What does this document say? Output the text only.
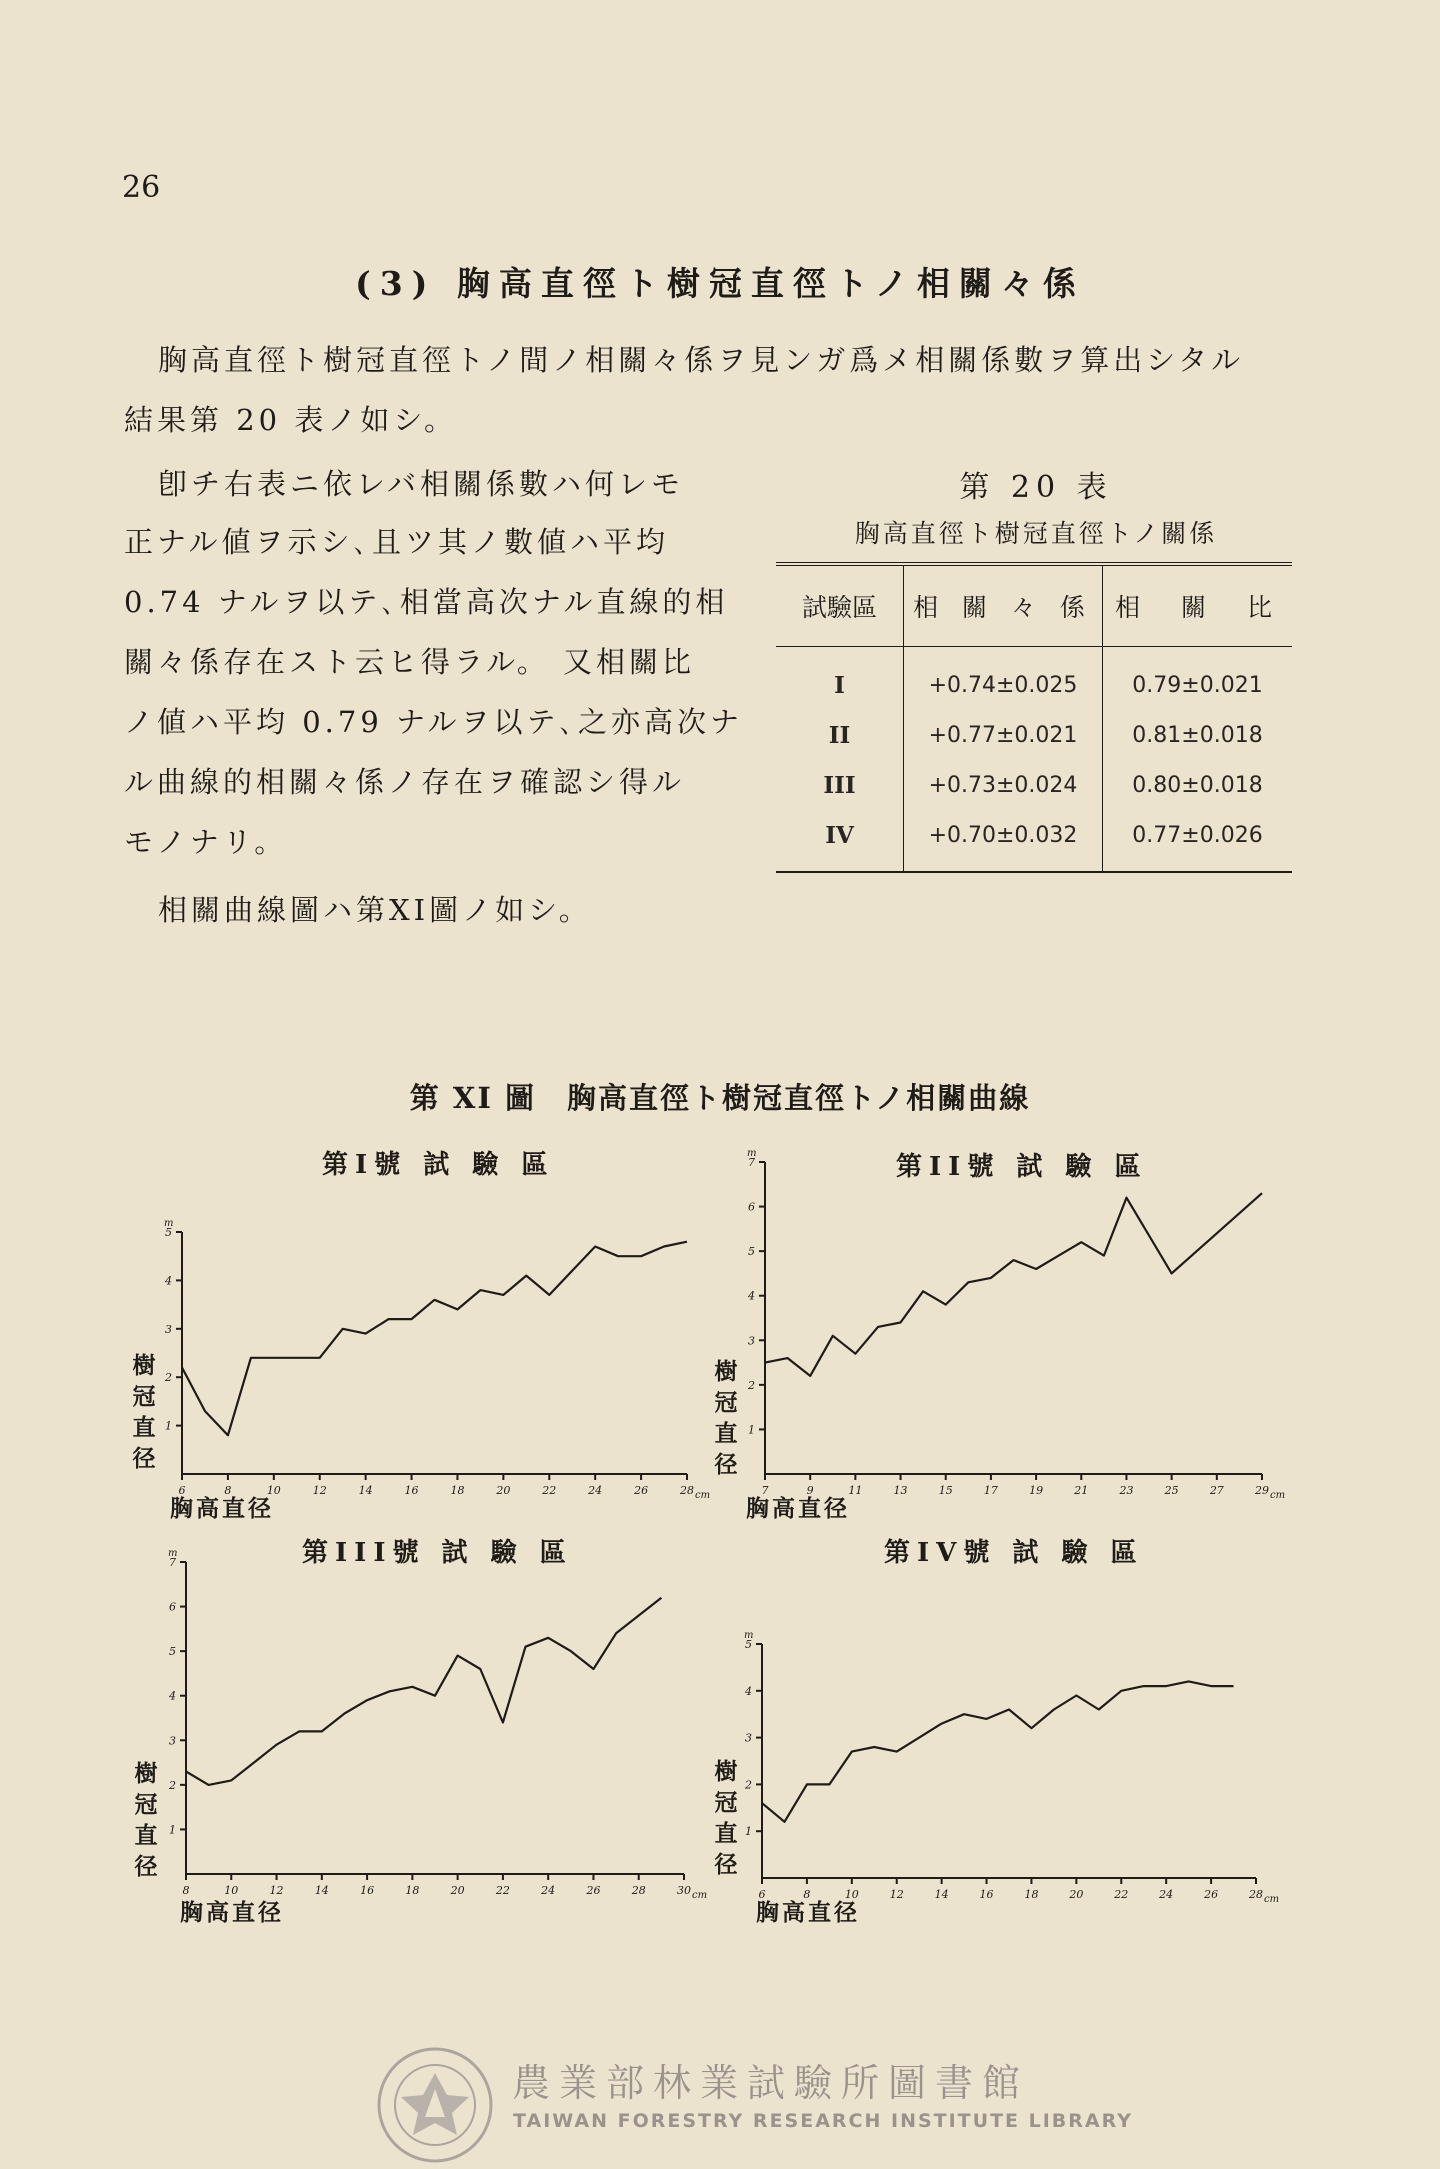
26
(3) 胸高直徑ト樹冠直徑トノ相關々係
胸高直徑ト樹冠直徑トノ間ノ相關々係ヲ見ンガ爲メ相關係數ヲ算出シタル
結果第 20 表ノ如シ。
卽チ右表ニ依レバ相關係數ハ何レモ
正ナル値ヲ示シ､且ツ其ノ數値ハ平均
0.74 ナルヲ以テ､相當高次ナル直線的相
關々係存在スト云ヒ得ラル。 又相關比
ノ値ハ平均 0.79 ナルヲ以テ､之亦高次ナ
ル曲線的相關々係ノ存在ヲ確認シ得ル
モノナリ。
相關曲線圖ハ第XI圖ノ如シ。
第 20 表
胸高直徑ト樹冠直徑トノ關係
試驗區	相 關 々 係	相　關　比
I	+0.74±0.025	0.79±0.021
II	+0.77±0.021	0.81±0.018
III	+0.73±0.024	0.80±0.018
IV	+0.70±0.032	0.77±0.026
第 XI 圖　胸高直徑ト樹冠直徑トノ相關曲線
第I號 試 驗 區
6	8	10	12	14	16	18	20	22	24	26	28 cm
1
2
3
4
5
m
樹冠直径
胸高直径
第II號 試 驗 區
7	9	11	13	15	17	19	21	23	25	27	29 cm
1
2
3
4
5
6
7
m
樹冠直径
胸高直径
第III號 試 驗 區
8	10	12	14	16	18	20	22	24	26	28	30 cm
1
2
3
4
5
6
7
m
樹冠直径
胸高直径
第IV號 試 驗 區
6	8	10	12	14	16	18	20	22	24	26	28 cm
1
2
3
4
5
m
樹冠直径
胸高直径
農業部林業試驗所圖書館
TAIWAN FORESTRY RESEARCH INSTITUTE LIBRARY
